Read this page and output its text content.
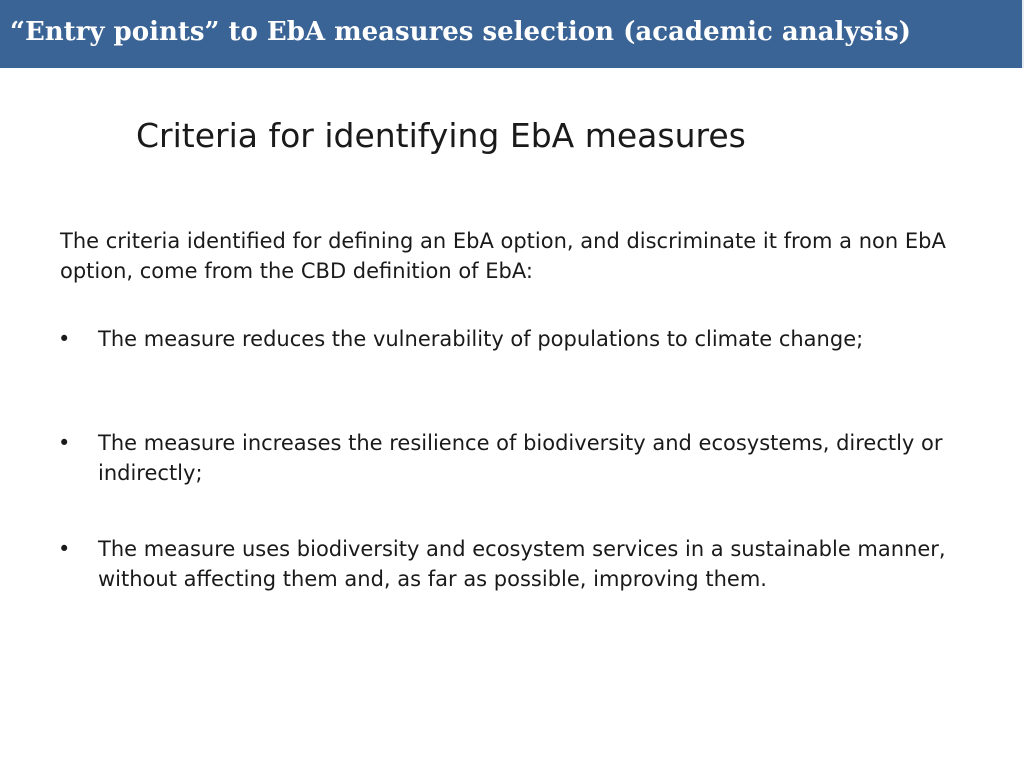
“Entry points” to EbA measures selection (academic analysis)
Criteria for identifying EbA measures

The criteria identified for defining an EbA option, and discriminate it from a non EbA option, come from the CBD definition of EbA:

•	The measure reduces the vulnerability of populations to climate change;
•	The measure increases the resilience of biodiversity and ecosystems, directly or indirectly;
•	The measure uses biodiversity and ecosystem services in a sustainable manner, without affecting them and, as far as possible, improving them.
